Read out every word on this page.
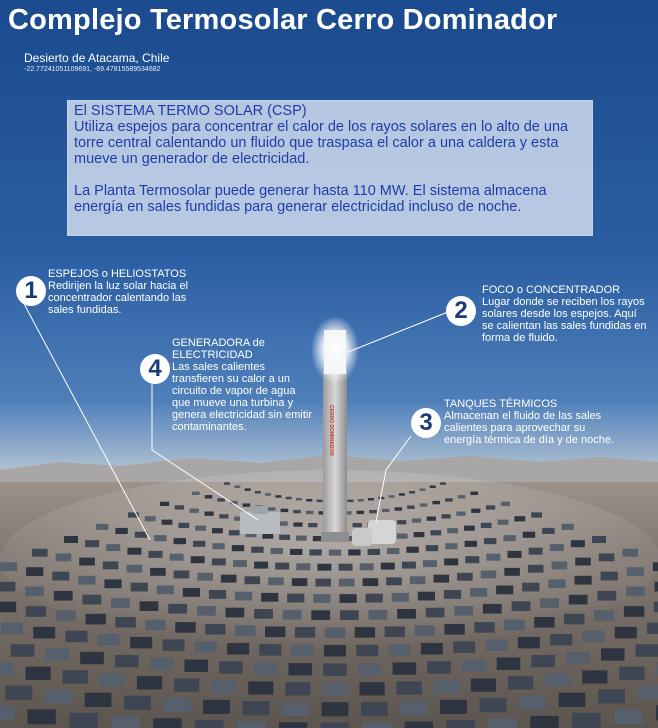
CERRO DOMINADOR
Complejo Termosolar Cerro Dominador
Desierto de Atacama, Chile
-22.77241051109691, -69.47815589534682

El SISTEMA TERMO SOLAR (CSP)

Utiliza espejos para concentrar el calor de los rayos solares en lo alto de una torre central calentando un fluido que traspasa el calor a una caldera y esta mueve un generador de electricidad.

La Planta Termosolar puede generar hasta 110 MW. El sistema almacena energía en sales fundidas para generar electricidad incluso de noche.

1
ESPEJOS o HELIOSTATOS
Redirijen la luz solar hacia el concentrador calentando las sales fundidas.	2
FOCO o CONCENTRADOR
Lugar donde se reciben los rayos solares desde los espejos. Aquí se calientan las sales fundidas en forma de fluido.
3
TANQUES TÉRMICOS
Almacenan el fluido de las sales calientes para aprovechar su energía térmica de día y de noche.
4
GENERADORA de ELECTRICIDAD
Las sales calientes transfieren su calor a un circuito de vapor de agua que mueve una turbina y genera electricidad sin emitir contaminantes.
